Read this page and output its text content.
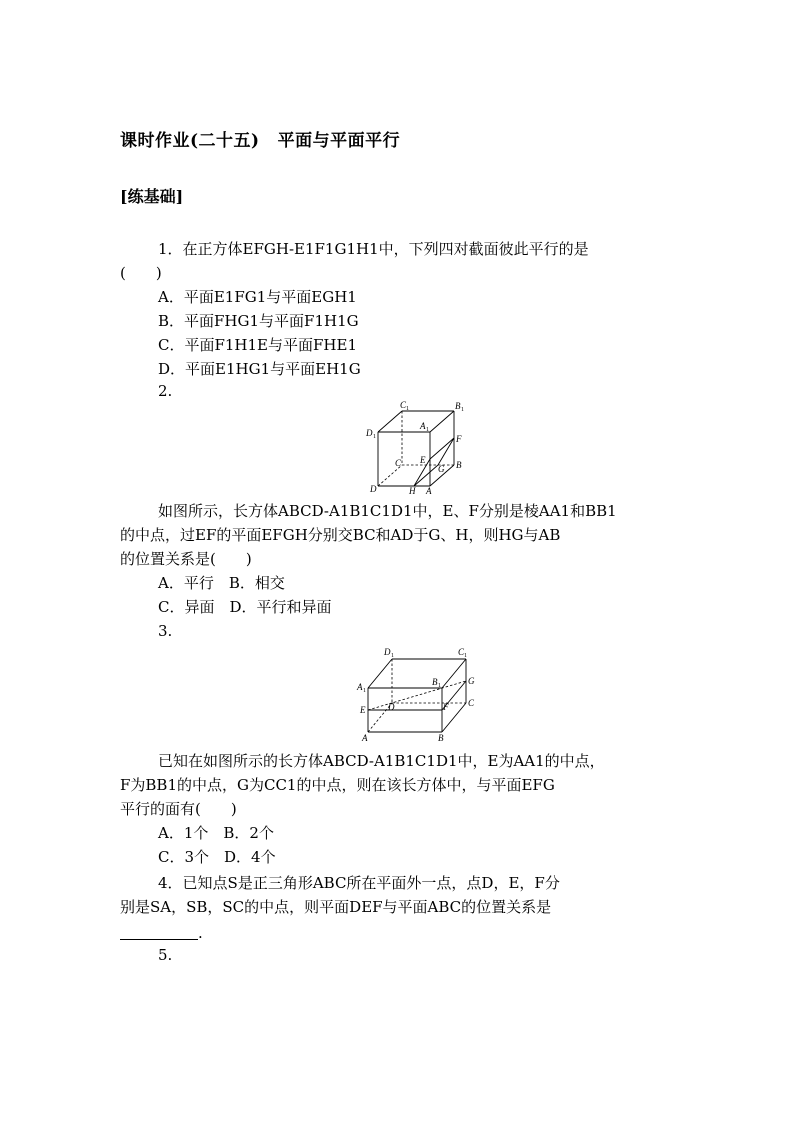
课时作业(二十五) 平面与平面平行
[练基础]
1．在正方体EFGH-E1F1G1H1中，下列四对截面彼此平行的是
(　　)
A．平面E1FG1与平面EGH1
B．平面FHG1与平面F1H1G
C．平面F1H1E与平面FHE1
D．平面E1HG1与平面EH1G
2.
C 1	B 1
D 1
A 1
F
E
C	B
G
D	H A
如图所示，长方体ABCD-A1B1C1D1中，E、F分别是棱AA1和BB1
的中点，过EF的平面EFGH分别交BC和AD于G、H，则HG与AB
的位置关系是(　　)
A．平行　B．相交
C．异面　D．平行和异面
3.
D 1	C 1
A 1
B 1	G
E	D	F C
A	B
已知在如图所示的长方体ABCD-A1B1C1D1中，E为AA1的中点，
F为BB1的中点，G为CC1的中点，则在该长方体中，与平面EFG
平行的面有(　　)
A．1个　B．2个
C．3个　D．4个
4．已知点S是正三角形ABC所在平面外一点，点D，E，F分
别是SA，SB，SC的中点，则平面DEF与平面ABC的位置关系是
.
5.
